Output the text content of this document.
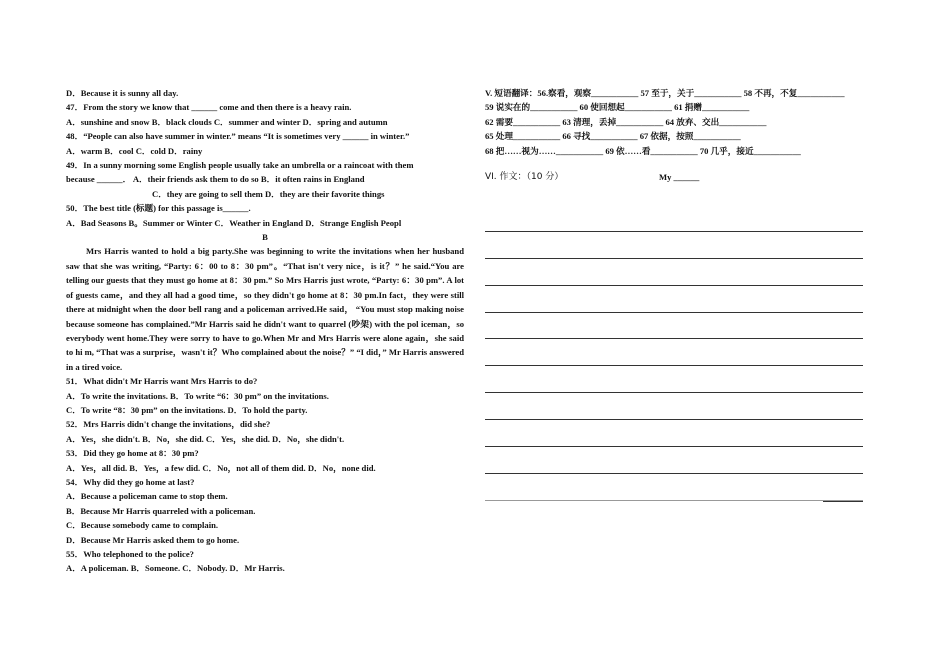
D．Because it is sunny all day.
47．From the story we know that ______ come and then there is a heavy rain.
A．sunshine and snow B．black clouds C．summer and winter D．spring and autumn
48．“People can also have summer in winter.” means “It is sometimes very ______ in winter.”
A．warm B．cool C．cold D．rainy
49．In a sunny morning some English people usually take an umbrella or a raincoat with them
because ______． A．their friends ask them to do so B．it often rains in England
C．they are going to sell them D．they are their favorite things
50．The best title (标题) for this passage is______.
A．Bad Seasons B。Summer or Winter C．Weather in England D．Strange English Peopl
B
Mrs Harris wanted to hold a big party.She was beginning to write the invitations when her husband saw that she was writing, “Party: 6：00 to 8：30 pm”。“That isn't very nice，is it？” he said.“You are telling our guests that they must go home at 8：30 pm.” So Mrs Harris just wrote, “Party: 6：30 pm”. A lot of guests came，and they all had a good time，so they didn't go home at 8：30 pm.In fact，they were still there at midnight when the door bell rang and a policeman arrived.He said， “You must stop making noise because someone has complained.”Mr Harris said he didn't want to quarrel (吵架) with the pol iceman，so everybody went home.They were sorry to have to go.When Mr and Mrs Harris were alone again，she said to hi m, “That was a surprise，wasn't it？Who complained about the noise？” “I did，” Mr Harris answered in a tired voice.
51．What didn't Mr Harris want Mrs Harris to do?
A．To write the invitations. B．To write “6：30 pm” on the invitations.
C．To write “8：30 pm” on the invitations. D．To hold the party.
52．Mrs Harris didn't change the invitations，did she?
A．Yes，she didn't. B．No，she did. C．Yes，she did. D．No，she didn't.
53．Did they go home at 8：30 pm?
A．Yes，all did. B．Yes，a few did. C．No，not all of them did. D．No，none did.
54．Why did they go home at last?
A．Because a policeman came to stop them.
B．Because Mr Harris quarreled with a policeman.
C．Because somebody came to complain.
D．Because Mr Harris asked them to go home.
55．Who telephoned to the police?
A．A policeman. B．Someone. C．Nobody. D．Mr Harris.
V. 短语翻译：56.察看，观察___________ 57 至于，关于___________ 58 不再，不复___________
59 说实在的___________ 60 使回想起___________ 61 捐赠___________
62 需要___________ 63 清理，丢掉___________ 64 放弃、交出___________
65 处理___________ 66 寻找___________ 67 依据，按照___________
68 把……视为……___________ 69 依……看___________ 70 几乎，接近___________
VI. 作文：（10 分）	My ______
